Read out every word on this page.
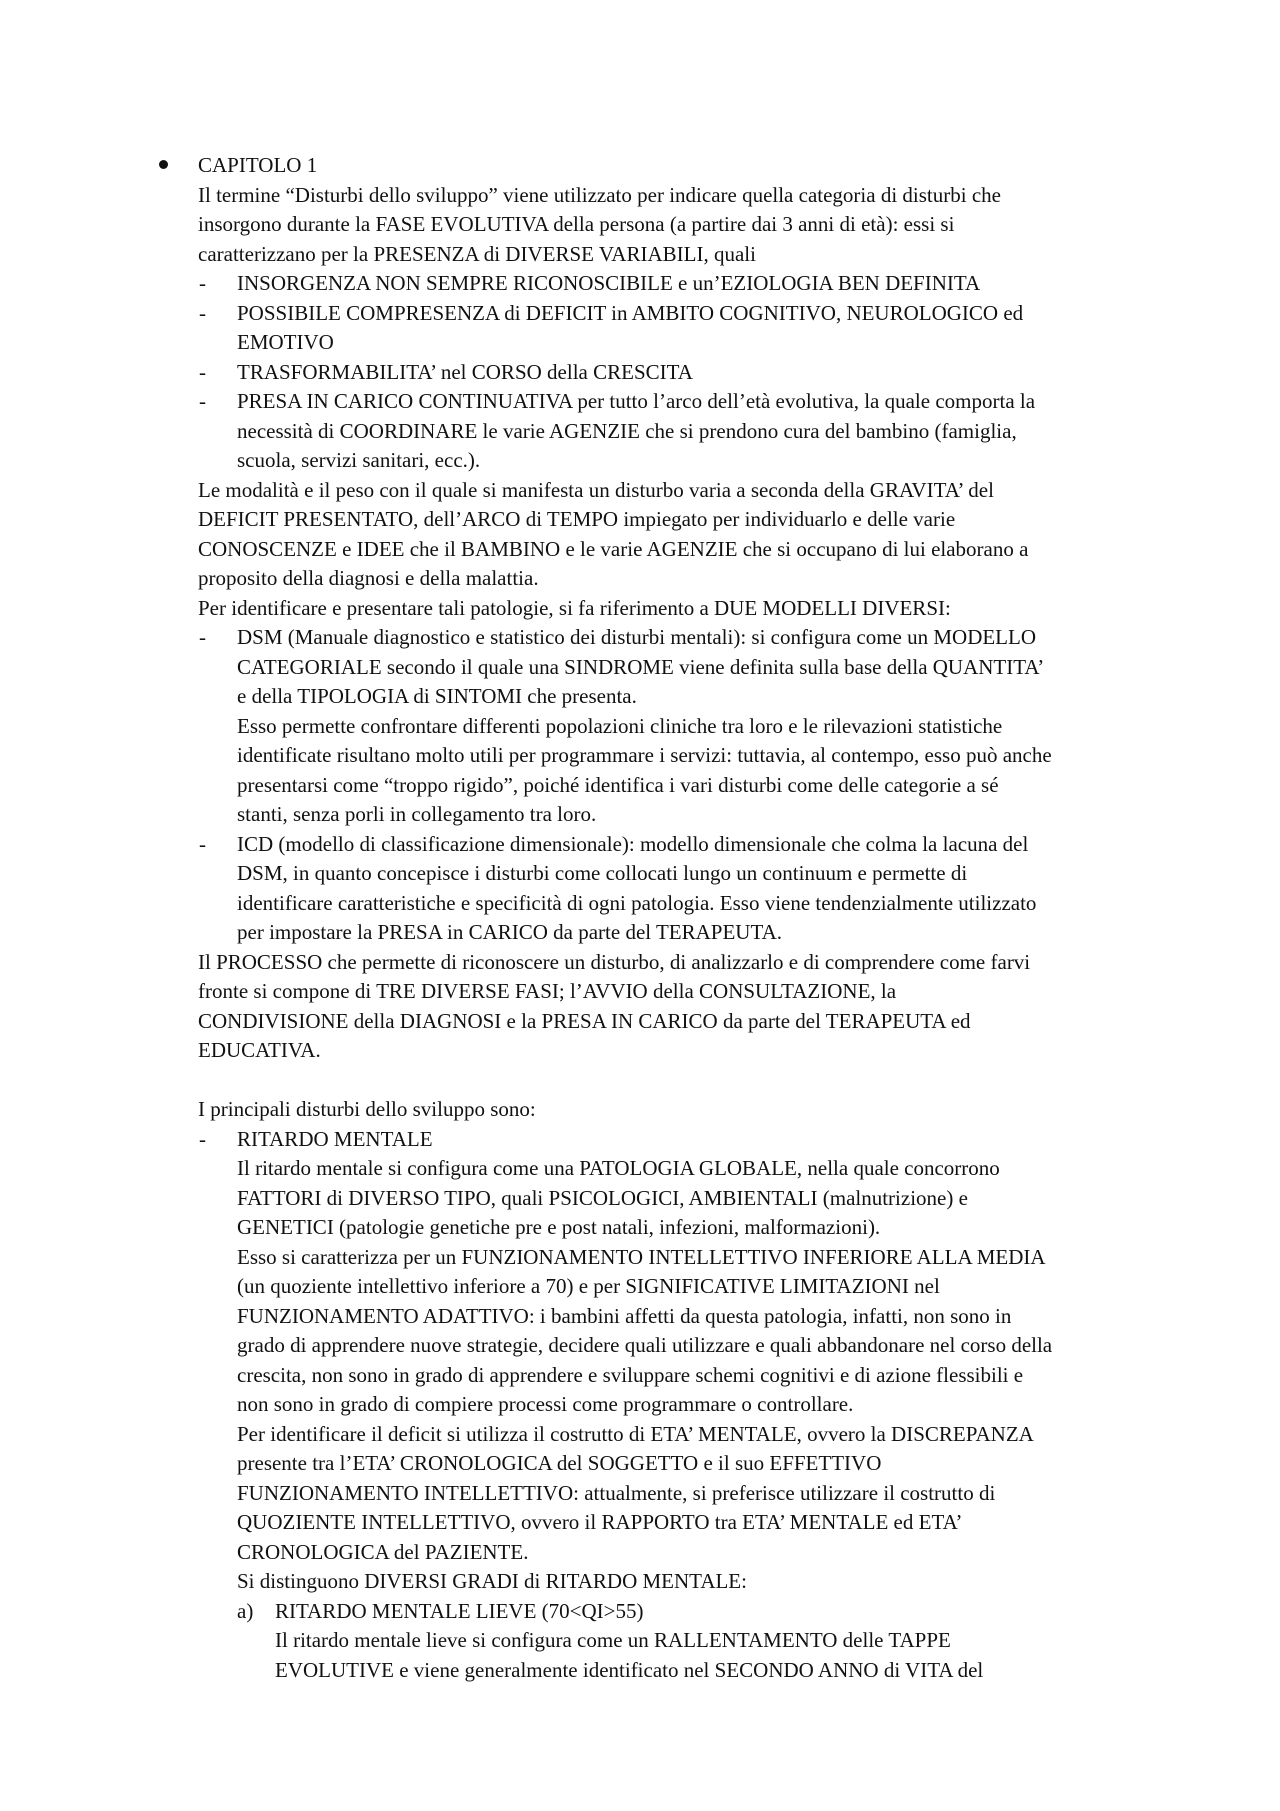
CAPITOLO 1
Il termine “Disturbi dello sviluppo” viene utilizzato per indicare quella categoria di disturbi che
insorgono durante la FASE EVOLUTIVA della persona (a partire dai 3 anni di età): essi si
caratterizzano per la PRESENZA di DIVERSE VARIABILI, quali
- INSORGENZA NON SEMPRE RICONOSCIBILE e un’EZIOLOGIA BEN DEFINITA
- POSSIBILE COMPRESENZA di DEFICIT in AMBITO COGNITIVO, NEUROLOGICO ed
EMOTIVO
- TRASFORMABILITA’ nel CORSO della CRESCITA
- PRESA IN CARICO CONTINUATIVA per tutto l’arco dell’età evolutiva, la quale comporta la
necessità di COORDINARE le varie AGENZIE che si prendono cura del bambino (famiglia,
scuola, servizi sanitari, ecc.).
Le modalità e il peso con il quale si manifesta un disturbo varia a seconda della GRAVITA’ del
DEFICIT PRESENTATO, dell’ARCO di TEMPO impiegato per individuarlo e delle varie
CONOSCENZE e IDEE che il BAMBINO e le varie AGENZIE che si occupano di lui elaborano a
proposito della diagnosi e della malattia.
Per identificare e presentare tali patologie, si fa riferimento a DUE MODELLI DIVERSI:
- DSM (Manuale diagnostico e statistico dei disturbi mentali): si configura come un MODELLO
CATEGORIALE secondo il quale una SINDROME viene definita sulla base della QUANTITA’
e della TIPOLOGIA di SINTOMI che presenta.
Esso permette confrontare differenti popolazioni cliniche tra loro e le rilevazioni statistiche
identificate risultano molto utili per programmare i servizi: tuttavia, al contempo, esso può anche
presentarsi come “troppo rigido”, poiché identifica i vari disturbi come delle categorie a sé
stanti, senza porli in collegamento tra loro.
- ICD (modello di classificazione dimensionale): modello dimensionale che colma la lacuna del
DSM, in quanto concepisce i disturbi come collocati lungo un continuum e permette di
identificare caratteristiche e specificità di ogni patologia. Esso viene tendenzialmente utilizzato
per impostare la PRESA in CARICO da parte del TERAPEUTA.
Il PROCESSO che permette di riconoscere un disturbo, di analizzarlo e di comprendere come farvi
fronte si compone di TRE DIVERSE FASI; l’AVVIO della CONSULTAZIONE, la
CONDIVISIONE della DIAGNOSI e la PRESA IN CARICO da parte del TERAPEUTA ed
EDUCATIVA.
I principali disturbi dello sviluppo sono:
- RITARDO MENTALE
Il ritardo mentale si configura come una PATOLOGIA GLOBALE, nella quale concorrono
FATTORI di DIVERSO TIPO, quali PSICOLOGICI, AMBIENTALI (malnutrizione) e
GENETICI (patologie genetiche pre e post natali, infezioni, malformazioni).
Esso si caratterizza per un FUNZIONAMENTO INTELLETTIVO INFERIORE ALLA MEDIA
(un quoziente intellettivo inferiore a 70) e per SIGNIFICATIVE LIMITAZIONI nel
FUNZIONAMENTO ADATTIVO: i bambini affetti da questa patologia, infatti, non sono in
grado di apprendere nuove strategie, decidere quali utilizzare e quali abbandonare nel corso della
crescita, non sono in grado di apprendere e sviluppare schemi cognitivi e di azione flessibili e
non sono in grado di compiere processi come programmare o controllare.
Per identificare il deficit si utilizza il costrutto di ETA’ MENTALE, ovvero la DISCREPANZA
presente tra l’ETA’ CRONOLOGICA del SOGGETTO e il suo EFFETTIVO
FUNZIONAMENTO INTELLETTIVO: attualmente, si preferisce utilizzare il costrutto di
QUOZIENTE INTELLETTIVO, ovvero il RAPPORTO tra ETA’ MENTALE ed ETA’
CRONOLOGICA del PAZIENTE.
Si distinguono DIVERSI GRADI di RITARDO MENTALE:
a) RITARDO MENTALE LIEVE (70<QI>55)
Il ritardo mentale lieve si configura come un RALLENTAMENTO delle TAPPE
EVOLUTIVE e viene generalmente identificato nel SECONDO ANNO di VITA del
